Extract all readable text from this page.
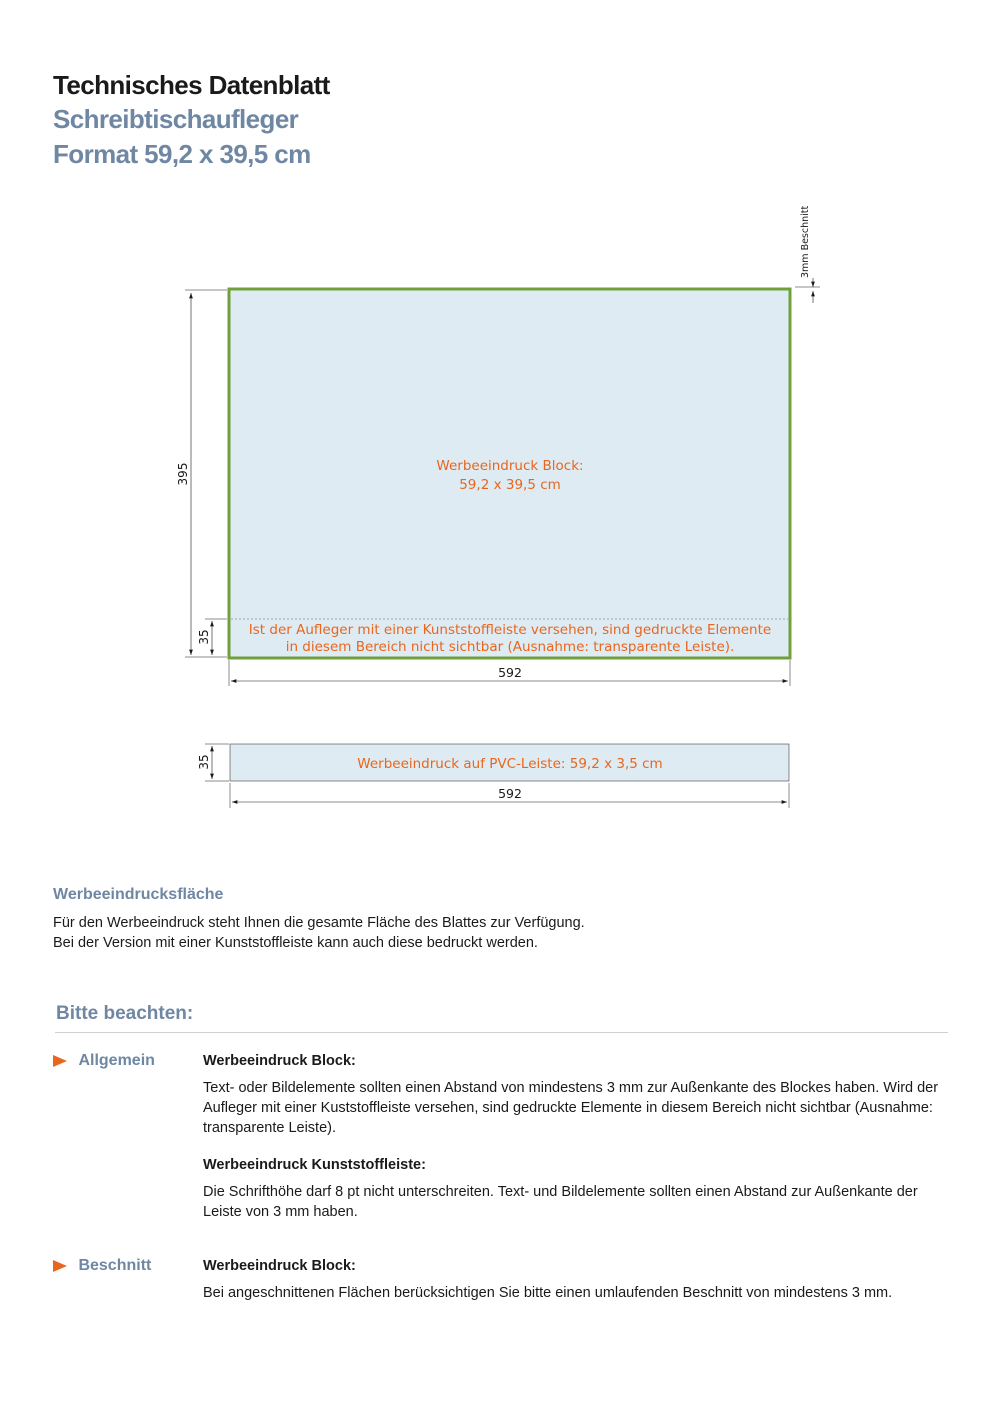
Technisches Datenblatt
Schreibtischaufleger
Format 59,2 x 39,5 cm
Werbeeindruck Block:
59,2 x 39,5 cm
Ist der Aufleger mit einer Kunststoffleiste versehen, sind gedruckte Elemente
in diesem Bereich nicht sichtbar (Ausnahme: transparente Leiste).
3mm Beschnitt
395
35
592
Werbeeindruck auf PVC-Leiste: 59,2 x 3,5 cm
35
592
Werbeeindrucksfläche
Für den Werbeeindruck steht Ihnen die gesamte Fläche des Blattes zur Verfügung.
Bei der Version mit einer Kunststoffleiste kann auch diese bedruckt werden.
Bitte beachten:
Allgemein	Werbeeindruck Block:
Text- oder Bildelemente sollten einen Abstand von mindestens 3 mm zur Außenkante des Blockes haben. Wird der Aufleger mit einer Kuststoffleiste versehen, sind gedruckte Elemente in diesem Bereich nicht sichtbar (Ausnahme: transparente Leiste).
Werbeeindruck Kunststoffleiste:
Die Schrifthöhe darf 8 pt nicht unterschreiten. Text- und Bildelemente sollten einen Abstand zur Außenkante der Leiste von 3 mm haben.
Beschnitt	Werbeeindruck Block:
Bei angeschnittenen Flächen berücksichtigen Sie bitte einen umlaufenden Beschnitt von mindestens 3 mm.
